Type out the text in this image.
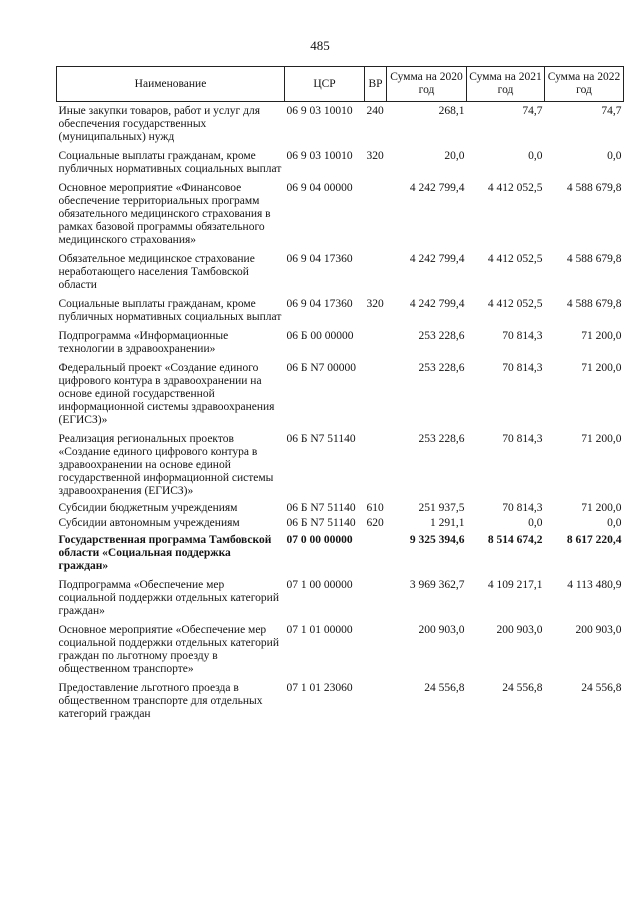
485
Наименование	ЦСР	ВР	Сумма на 2020 год	Сумма на 2021 год	Сумма на 2022 год
Иные закупки товаров, работ и услуг для обеспечения государственных (муниципальных) нужд	06 9 03 10010	240	268,1	74,7	74,7
Социальные выплаты гражданам, кроме публичных нормативных социальных выплат	06 9 03 10010	320	20,0	0,0	0,0
Основное мероприятие «Финансовое обеспечение территориальных программ обязательного медицинского страхования в рамках базовой программы обязательного медицинского страхования»	06 9 04 00000		4 242 799,4	4 412 052,5	4 588 679,8
Обязательное медицинское страхование неработающего населения Тамбовской области	06 9 04 17360		4 242 799,4	4 412 052,5	4 588 679,8
Социальные выплаты гражданам, кроме публичных нормативных социальных выплат	06 9 04 17360	320	4 242 799,4	4 412 052,5	4 588 679,8
Подпрограмма «Информационные технологии в здравоохранении»	06 Б 00 00000		253 228,6	70 814,3	71 200,0
Федеральный проект «Создание единого цифрового контура в здравоохранении на основе единой государственной информационной системы здравоохранения (ЕГИСЗ)»	06 Б N7 00000		253 228,6	70 814,3	71 200,0
Реализация региональных проектов «Создание единого цифрового контура в здравоохранении на основе единой государственной информационной системы здравоохранения (ЕГИСЗ)»	06 Б N7 51140		253 228,6	70 814,3	71 200,0
Субсидии бюджетным учреждениям	06 Б N7 51140	610	251 937,5	70 814,3	71 200,0
Субсидии автономным учреждениям	06 Б N7 51140	620	1 291,1	0,0	0,0
Государственная программа Тамбовской области «Социальная поддержка граждан»	07 0 00 00000		9 325 394,6	8 514 674,2	8 617 220,4
Подпрограмма «Обеспечение мер социальной поддержки отдельных категорий граждан»	07 1 00 00000		3 969 362,7	4 109 217,1	4 113 480,9
Основное мероприятие «Обеспечение мер социальной поддержки отдельных категорий граждан по льготному проезду в общественном транспорте»	07 1 01 00000		200 903,0	200 903,0	200 903,0
Предоставление льготного проезда в общественном транспорте для отдельных категорий граждан	07 1 01 23060		24 556,8	24 556,8	24 556,8
